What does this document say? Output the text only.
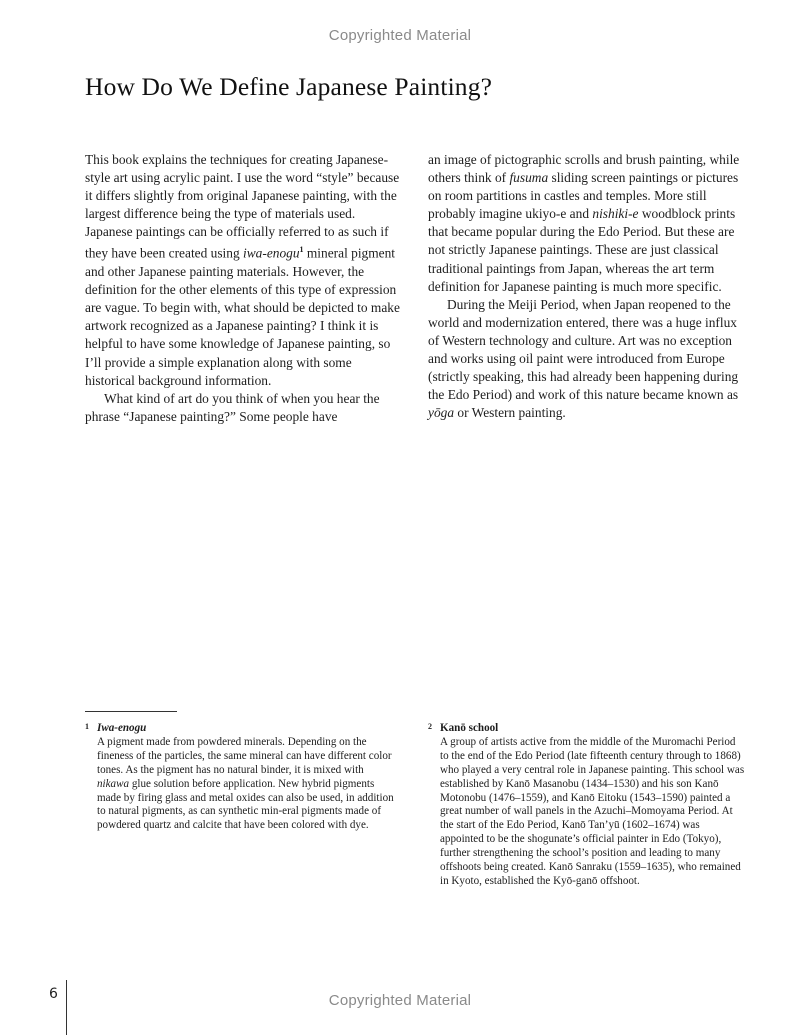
Copyrighted Material
How Do We Define Japanese Painting?

This book explains the techniques for creating Japanese-style art using acrylic paint. I use the word “style” because it differs slightly from original Japanese painting, with the largest difference being the type of materials used. Japanese paintings can be officially referred to as such if they have been created using iwa-enogu$^1$ mineral pigment and other Japanese painting materials. However, the definition for the other elements of this type of expression are vague. To begin with, what should be depicted to make artwork recognized as a Japanese painting? I think it is helpful to have some knowledge of Japanese painting, so I’ll provide a simple explanation along with some historical background information.

What kind of art do you think of when you hear the phrase “Japanese painting?” Some people have

an image of pictographic scrolls and brush painting, while others think of fusuma sliding screen paintings or pictures on room partitions in castles and temples. More still probably imagine ukiyo-e and nishiki-e woodblock prints that became popular during the Edo Period. But these are not strictly Japanese paintings. These are just classical traditional paintings from Japan, whereas the art term definition for Japanese painting is much more specific.

During the Meiji Period, when Japan reopened to the world and modernization entered, there was a huge influx of Western technology and culture. Art was no exception and works using oil paint were introduced from Europe (strictly speaking, this had already been happening during the Edo Period) and work of this nature became known as yōga or Western painting.

1 Iwa-enogu
A pigment made from powdered minerals. Depending on the fineness of the particles, the same mineral can have different color tones. As the pigment has no natural binder, it is mixed with nikawa glue solution before application. New hybrid pigments made by firing glass and metal oxides can also be used, in addition to natural pigments, as can synthetic min-eral pigments made of powdered quartz and calcite that have been colored with dye.
2 Kanō school
A group of artists active from the middle of the Muromachi Period to the end of the Edo Period (late fifteenth century through to 1868) who played a very central role in Japanese painting. This school was established by Kanō Masanobu (1434–1530) and his son Kanō Motonobu (1476–1559), and Kanō Eitoku (1543–1590) painted a great number of wall panels in the Azuchi–Momoyama Period. At the start of the Edo Period, Kanō Tan’yū (1602–1674) was appointed to be the shogunate’s official painter in Edo (Tokyo), further strengthening the school’s position and leading to many offshoots being created. Kanō Sanraku (1559–1635), who remained in Kyoto, established the Kyō-ganō offshoot.
6	Copyrighted Material
